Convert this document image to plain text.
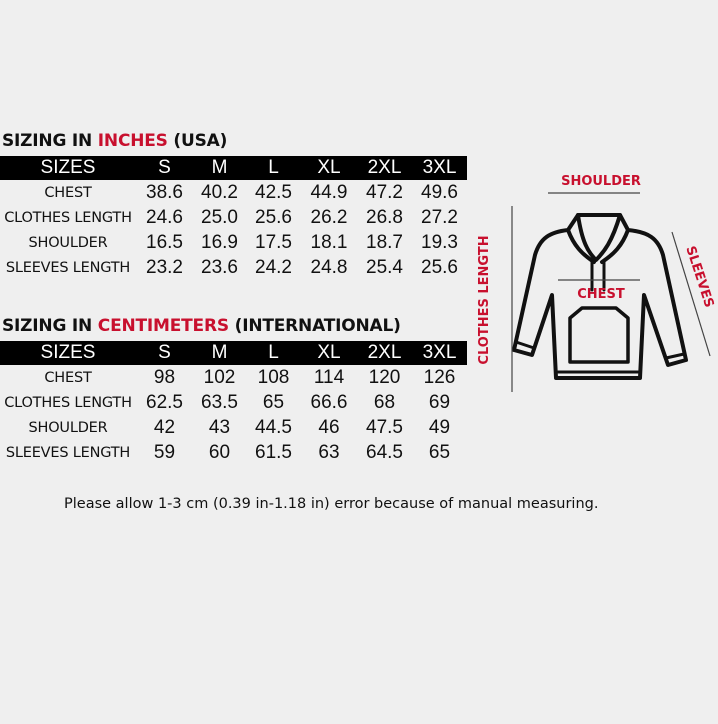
SIZING IN INCHES (USA)
SIZES	S	M	L	XL	2XL	3XL
CHEST	38.6	40.2	42.5	44.9	47.2	49.6
CLOTHES LENGTH	24.6	25.0	25.6	26.2	26.8	27.2
SHOULDER	16.5	16.9	17.5	18.1	18.7	19.3
SLEEVES LENGTH	23.2	23.6	24.2	24.8	25.4	25.6
SIZING IN CENTIMETERS (INTERNATIONAL)
SIZES	S	M	L	XL	2XL	3XL
CHEST	98	102	108	114	120	126
CLOTHES LENGTH	62.5	63.5	65	66.6	68	69
SHOULDER	42	43	44.5	46	47.5	49
SLEEVES LENGTH	59	60	61.5	63	64.5	65
SHOULDER
CHEST
CLOTHES LENGTH	SLEEVES
Please allow 1-3 cm (0.39 in-1.18 in) error because of manual measuring.
